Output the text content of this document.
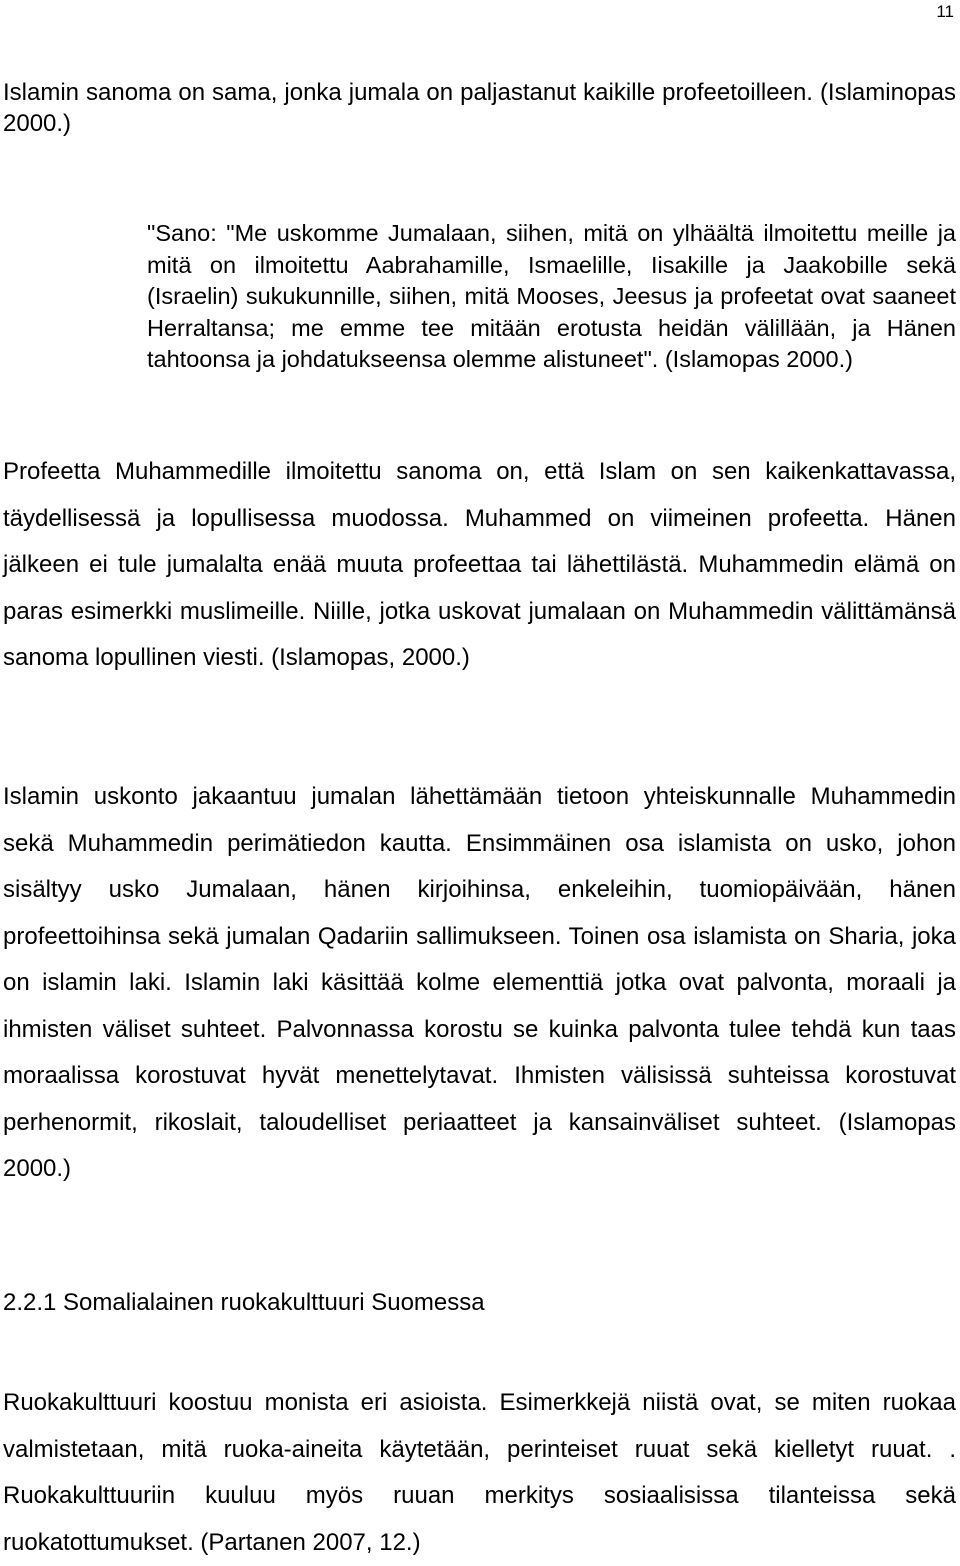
11

Islamin sanoma on sama, jonka jumala on paljastanut kaikille profeetoilleen. (Islaminopas 2000.)

"Sano: "Me uskomme Jumalaan, siihen, mitä on ylhäältä ilmoitettu meille ja mitä on ilmoitettu Aabrahamille, Ismaelille, Iisakille ja Jaakobille sekä (Israelin) sukukunnille, siihen, mitä Mooses, Jeesus ja profeetat ovat saaneet Herraltansa; me emme tee mitään erotusta heidän välillään, ja Hänen tahtoonsa ja johdatukseensa olemme alistuneet". (Islamopas 2000.)

Profeetta Muhammedille ilmoitettu sanoma on, että Islam on sen kaikenkattavassa, täydellisessä ja lopullisessa muodossa. Muhammed on viimeinen profeetta. Hänen jälkeen ei tule jumalalta enää muuta profeettaa tai lähettilästä. Muhammedin elämä on paras esimerkki muslimeille. Niille, jotka uskovat jumalaan on Muhammedin välittämänsä sanoma lopullinen viesti. (Islamopas, 2000.)

Islamin uskonto jakaantuu jumalan lähettämään tietoon yhteiskunnalle Muhammedin sekä Muhammedin perimätiedon kautta. Ensimmäinen osa islamista on usko, johon sisältyy usko Jumalaan, hänen kirjoihinsa, enkeleihin, tuomiopäivään, hänen profeettoihinsa sekä jumalan Qadariin sallimukseen. Toinen osa islamista on Sharia, joka on islamin laki. Islamin laki käsittää kolme elementtiä jotka ovat palvonta, moraali ja ihmisten väliset suhteet. Palvonnassa korostu se kuinka palvonta tulee tehdä kun taas moraalissa korostuvat hyvät menettelytavat. Ihmisten välisissä suhteissa korostuvat perhenormit, rikoslait, taloudelliset periaatteet ja kansainväliset suhteet. (Islamopas 2000.)

2.2.1 Somalialainen ruokakulttuuri Suomessa

Ruokakulttuuri koostuu monista eri asioista. Esimerkkejä niistä ovat, se miten ruokaa valmistetaan, mitä ruoka-aineita käytetään, perinteiset ruuat sekä kielletyt ruuat. . Ruokakulttuuriin kuuluu myös ruuan merkitys sosiaalisissa tilanteissa sekä ruokatottumukset. (Partanen 2007, 12.)
